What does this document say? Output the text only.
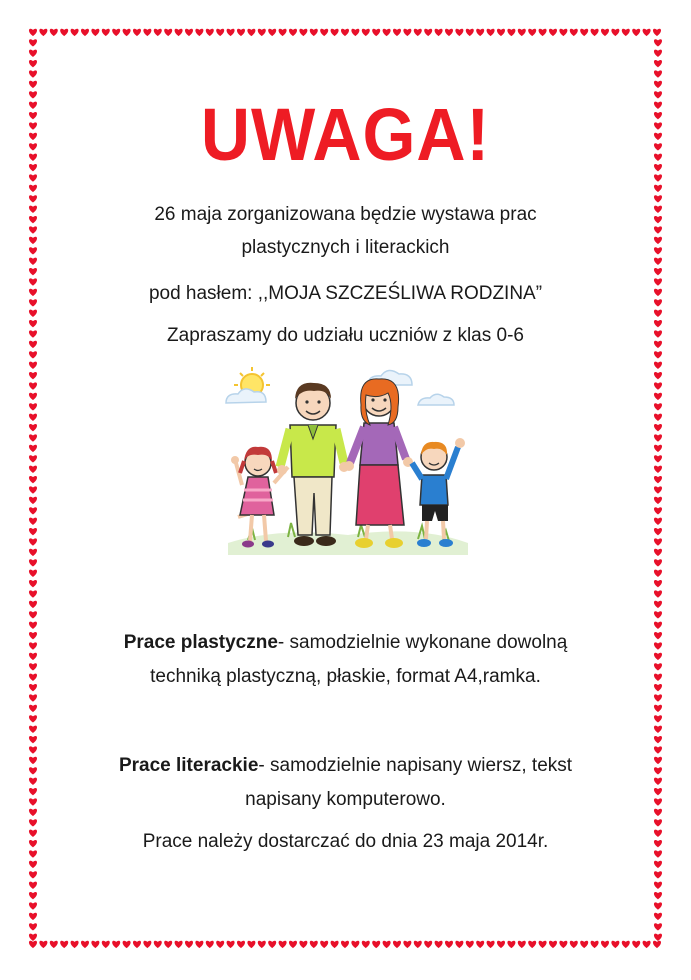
UWAGA!
26 maja zorganizowana będzie wystawa prac
plastycznych i literackich
pod hasłem: ,,MOJA SZCZEŚLIWA RODZINA”
Zapraszamy do udziału uczniów z klas 0-6
Prace plastyczne- samodzielnie wykonane dowolną
techniką plastyczną, płaskie, format A4,ramka.
Prace literackie- samodzielnie napisany wiersz, tekst
napisany komputerowo.
Prace należy dostarczać do dnia 23 maja 2014r.
